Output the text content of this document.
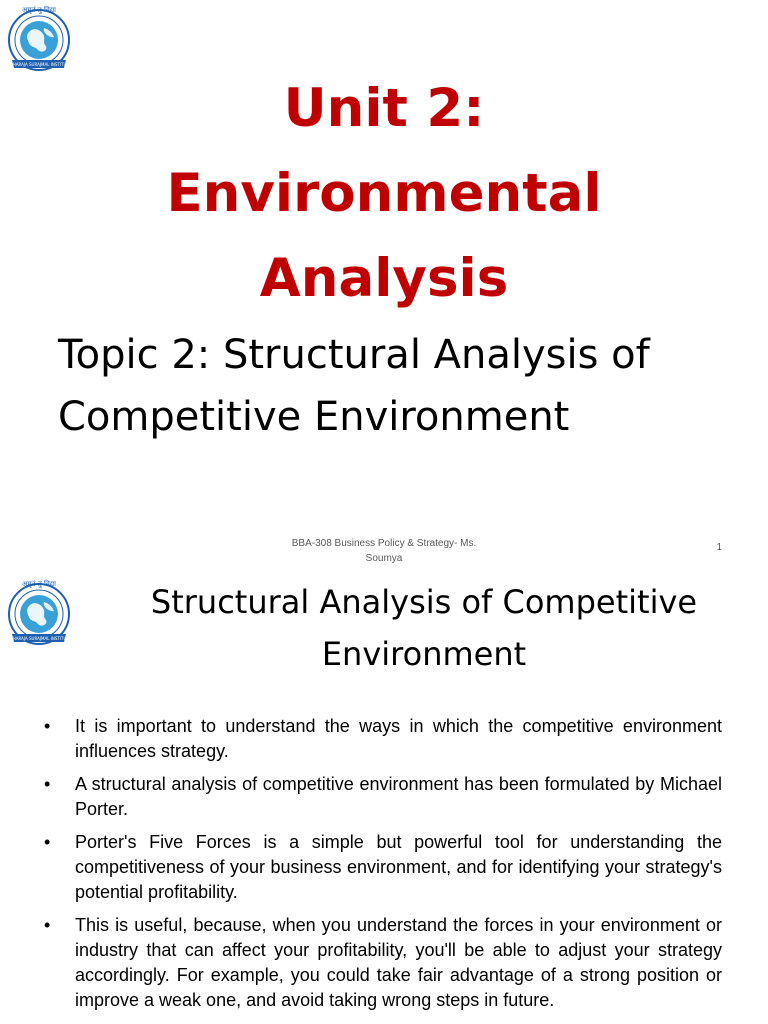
अमृतं तु विद्या
MAHARAJA SURAJMAL INSTITUTE
Unit 2:
Environmental
Analysis
Topic 2: Structural Analysis of
Competitive Environment
BBA-308 Business Policy & Strategy- Ms.
Soumya
1
अमृतं तु विद्या
MAHARAJA SURAJMAL INSTITUTE
Structural Analysis of Competitive
Environment
• It is important to understand the ways in which the competitive environment influences strategy.
• A structural analysis of competitive environment has been formulated by Michael Porter.
• Porter's Five Forces is a simple but powerful tool for understanding the competitiveness of your business environment, and for identifying your strategy's potential profitability.
• This is useful, because, when you understand the forces in your environment or industry that can affect your profitability, you'll be able to adjust your strategy accordingly. For example, you could take fair advantage of a strong position or improve a weak one, and avoid taking wrong steps in future.
